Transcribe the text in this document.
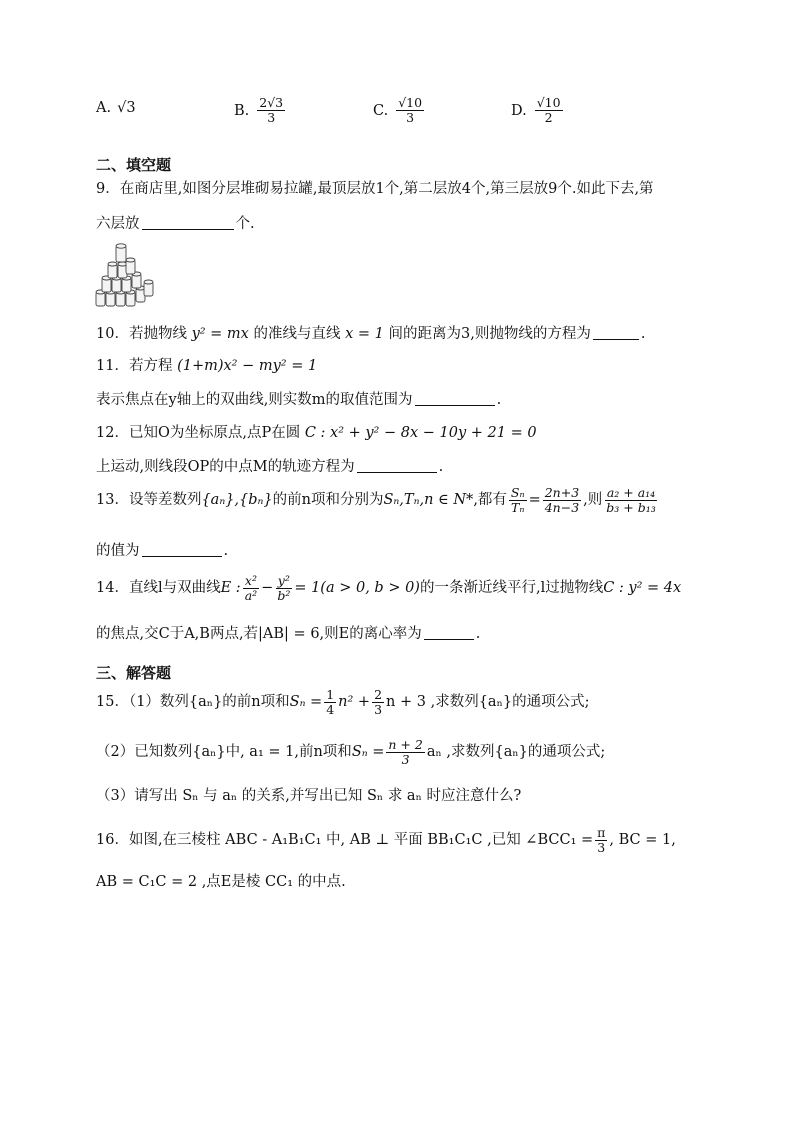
A. √3	B. $\frac{2√3}{3}$	C. $\frac{√10}{3}$	D. $\frac{√10}{2}$
二、填空题
9．在商店里,如图分层堆砌易拉罐,最顶层放1个,第二层放4个,第三层放9个.如此下去,第
六层放	个.
10．若抛物线 y² = mx 的准线与直线 x = 1 间的距离为3,则抛物线的方程为	.
11．若方程 (1+m)x² − my² = 1
表示焦点在y轴上的双曲线,则实数m的取值范围为	.
12．已知O为坐标原点,点P在圆 C : x² + y² − 8x − 10y + 21 = 0
上运动,则线段OP的中点M的轨迹方程为	.
13．设等差数列 {aₙ},{bₙ} 的前n项和分别为 Sₙ,Tₙ,n ∈ N* ,都有 $\frac{\text{Sₙ}}{\text{Tₙ}} = \frac{2n+3}{4n-3}$ ,则 $\frac{\text{a₂ + a₁₄}}{\text{b₃ + b₁₃}}$
的值为	.
14．直线l与双曲线 E : $\frac{\text{x²}}{\text{a²}} - \frac{\text{y²}}{\text{b²}} = 1(a > 0$, b > 0) 的一条渐近线平行,l过抛物线 C : y² = 4x
的焦点,交C于A,B两点,若|AB| = 6,则E的离心率为	.
三、解答题
15．（1）数列{aₙ}的前n项和 $S_n = \frac{1}{4} n^2 + \frac{2}{3}$ n + 3 ,求数列{aₙ}的通项公式;
（2）已知数列{aₙ}中, a₁ = 1,前n项和 $S_n = \frac{n + 2}{3}$ aₙ ,求数列{aₙ}的通项公式;
（3）请写出 Sₙ 与 aₙ 的关系,并写出已知 Sₙ 求 aₙ 时应注意什么?
16．如图,在三棱柱 ABC - A₁B₁C₁ 中, AB ⊥ 平面 BB₁C₁C ,已知 ∠BCC₁ = $\frac{\pi}{3}$ , BC = 1,
AB = C₁C = 2 ,点E是棱 CC₁ 的中点.
